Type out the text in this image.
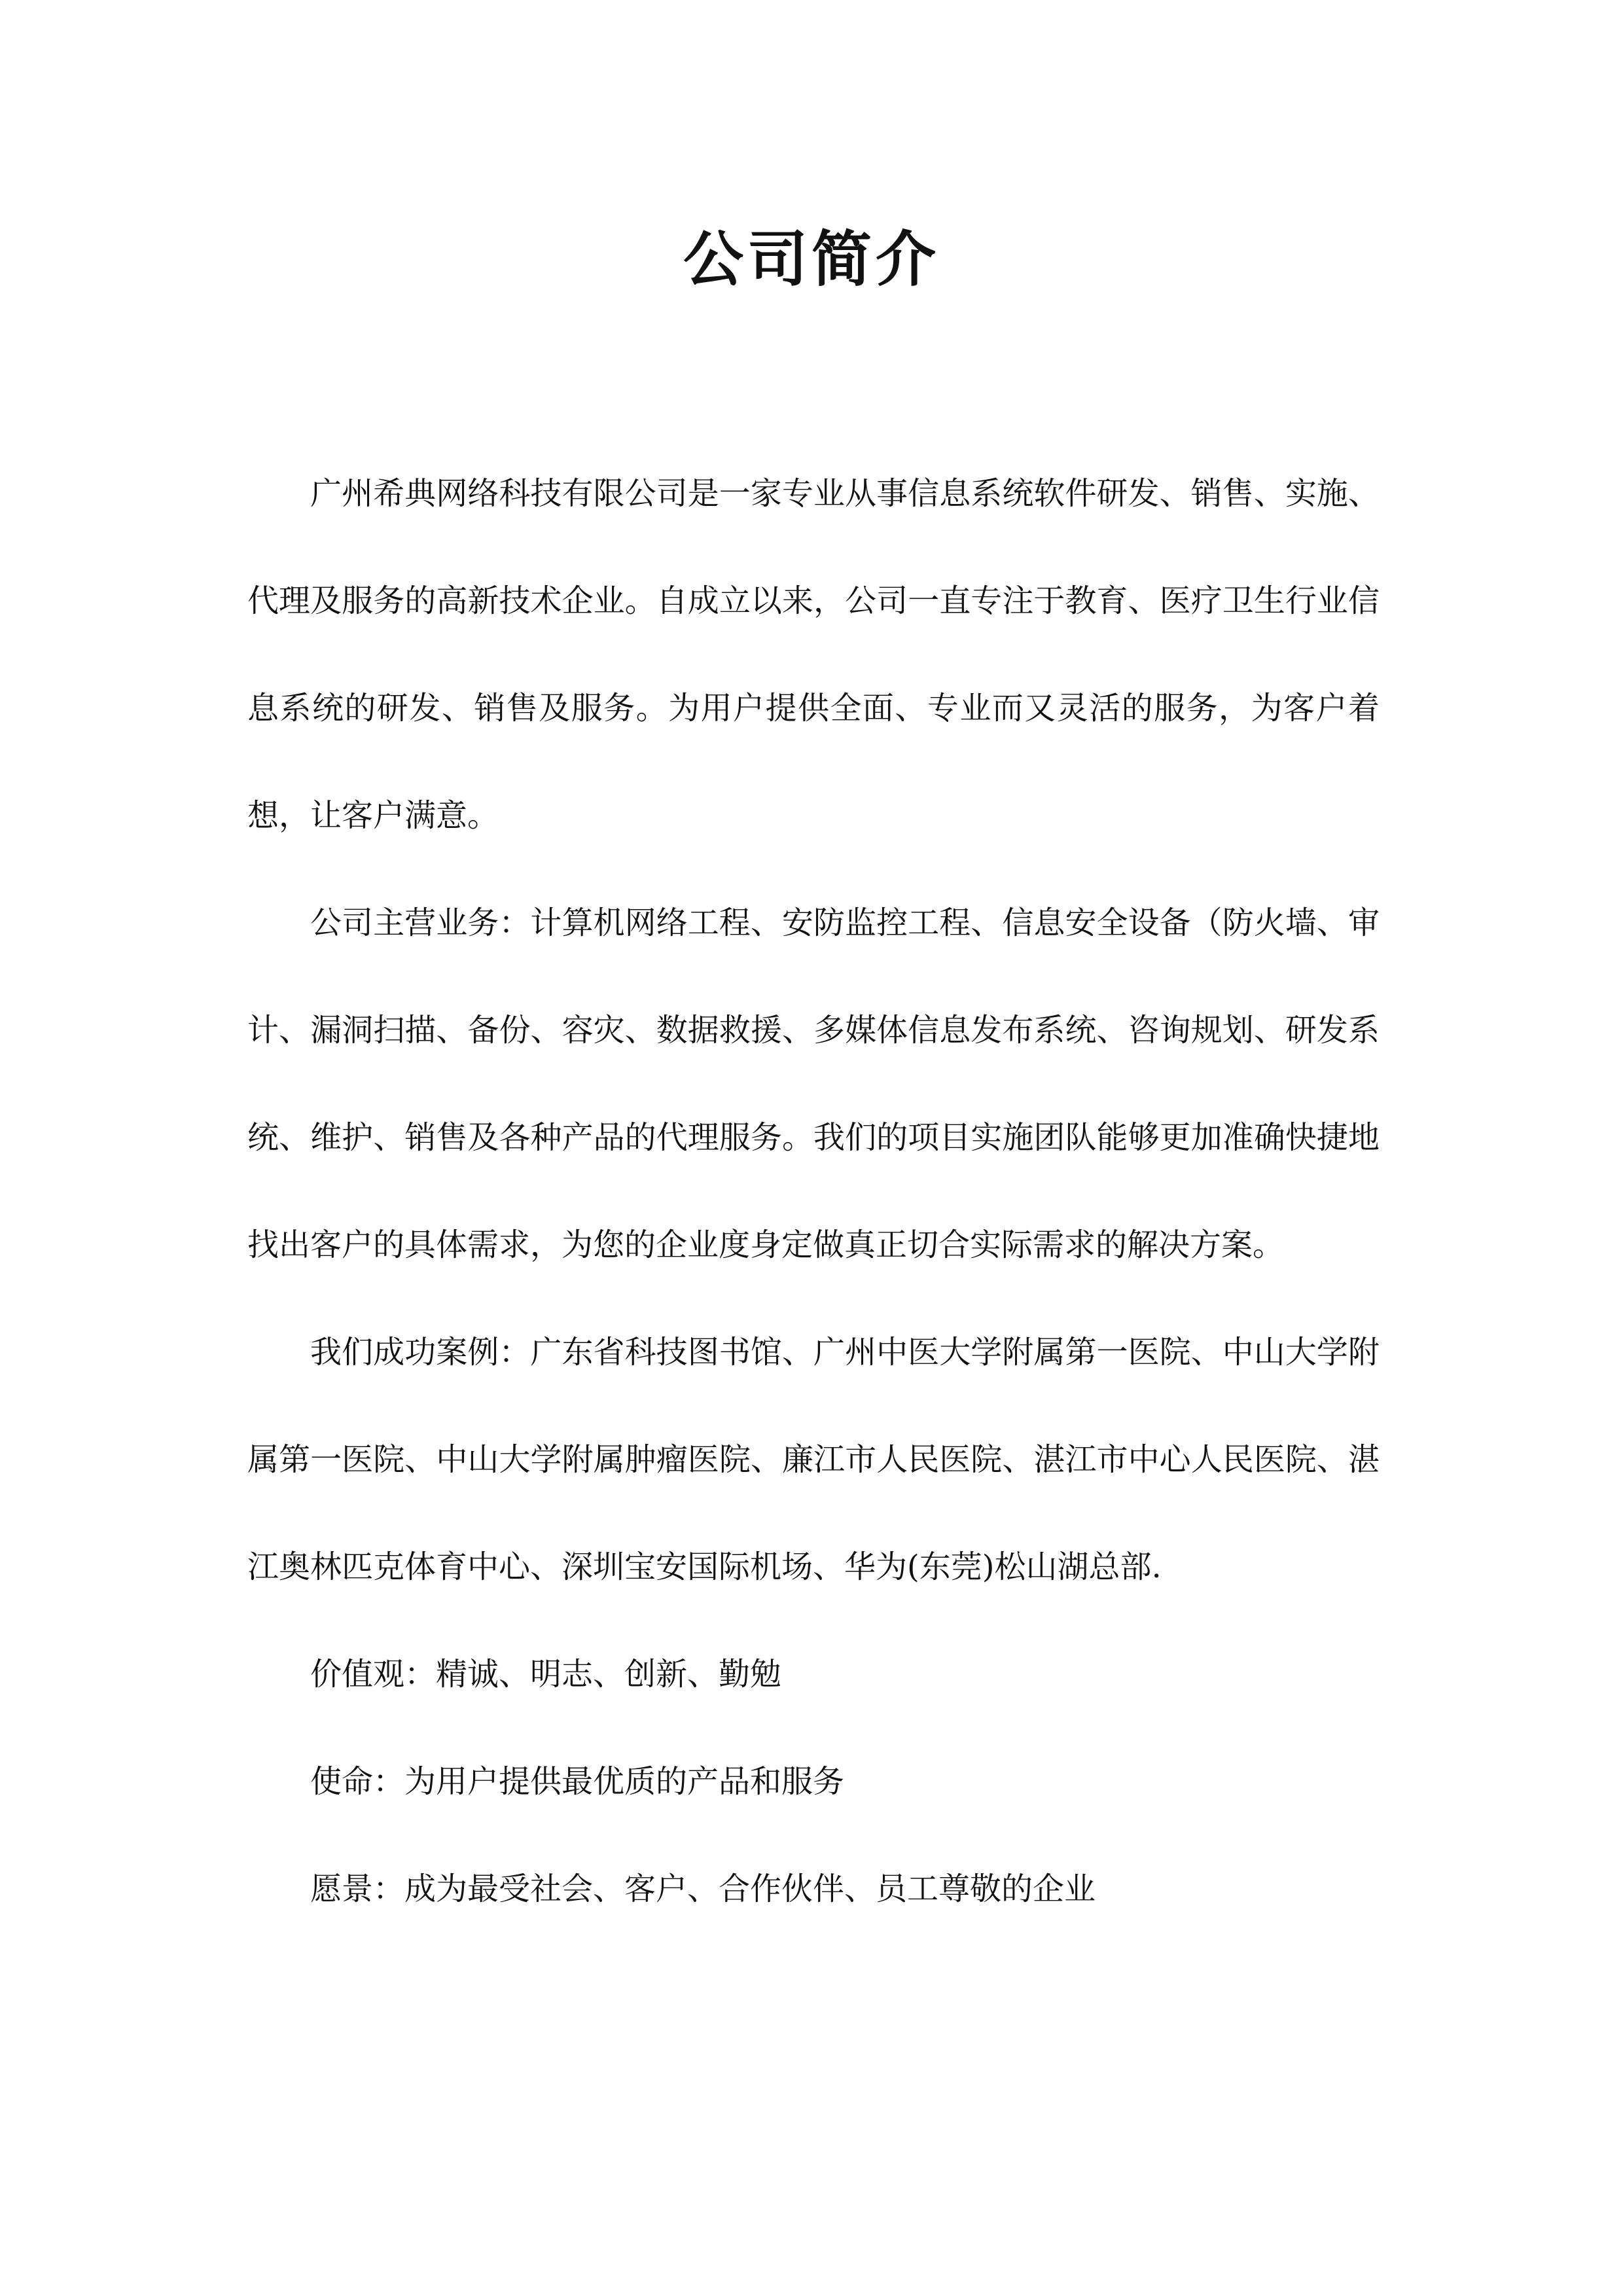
公司简介

广州希典网络科技有限公司是一家专业从事信息系统软件研发、销售、实施、代理及服务的高新技术企业。自成立以来，公司一直专注于教育、医疗卫生行业信息系统的研发、销售及服务。为用户提供全面、专业而又灵活的服务，为客户着想，让客户满意。

公司主营业务：计算机网络工程、安防监控工程、信息安全设备（防火墙、审计、漏洞扫描、备份、容灾、数据救援、多媒体信息发布系统、咨询规划、研发系统、维护、销售及各种产品的代理服务。我们的项目实施团队能够更加准确快捷地找出客户的具体需求，为您的企业度身定做真正切合实际需求的解决方案。

我们成功案例：广东省科技图书馆、广州中医大学附属第一医院、中山大学附属第一医院、中山大学附属肿瘤医院、廉江市人民医院、湛江市中心人民医院、湛江奥林匹克体育中心、深圳宝安国际机场、华为(东莞)松山湖总部.

价值观：精诚、明志、创新、勤勉

使命：为用户提供最优质的产品和服务

愿景：成为最受社会、客户、合作伙伴、员工尊敬的企业
